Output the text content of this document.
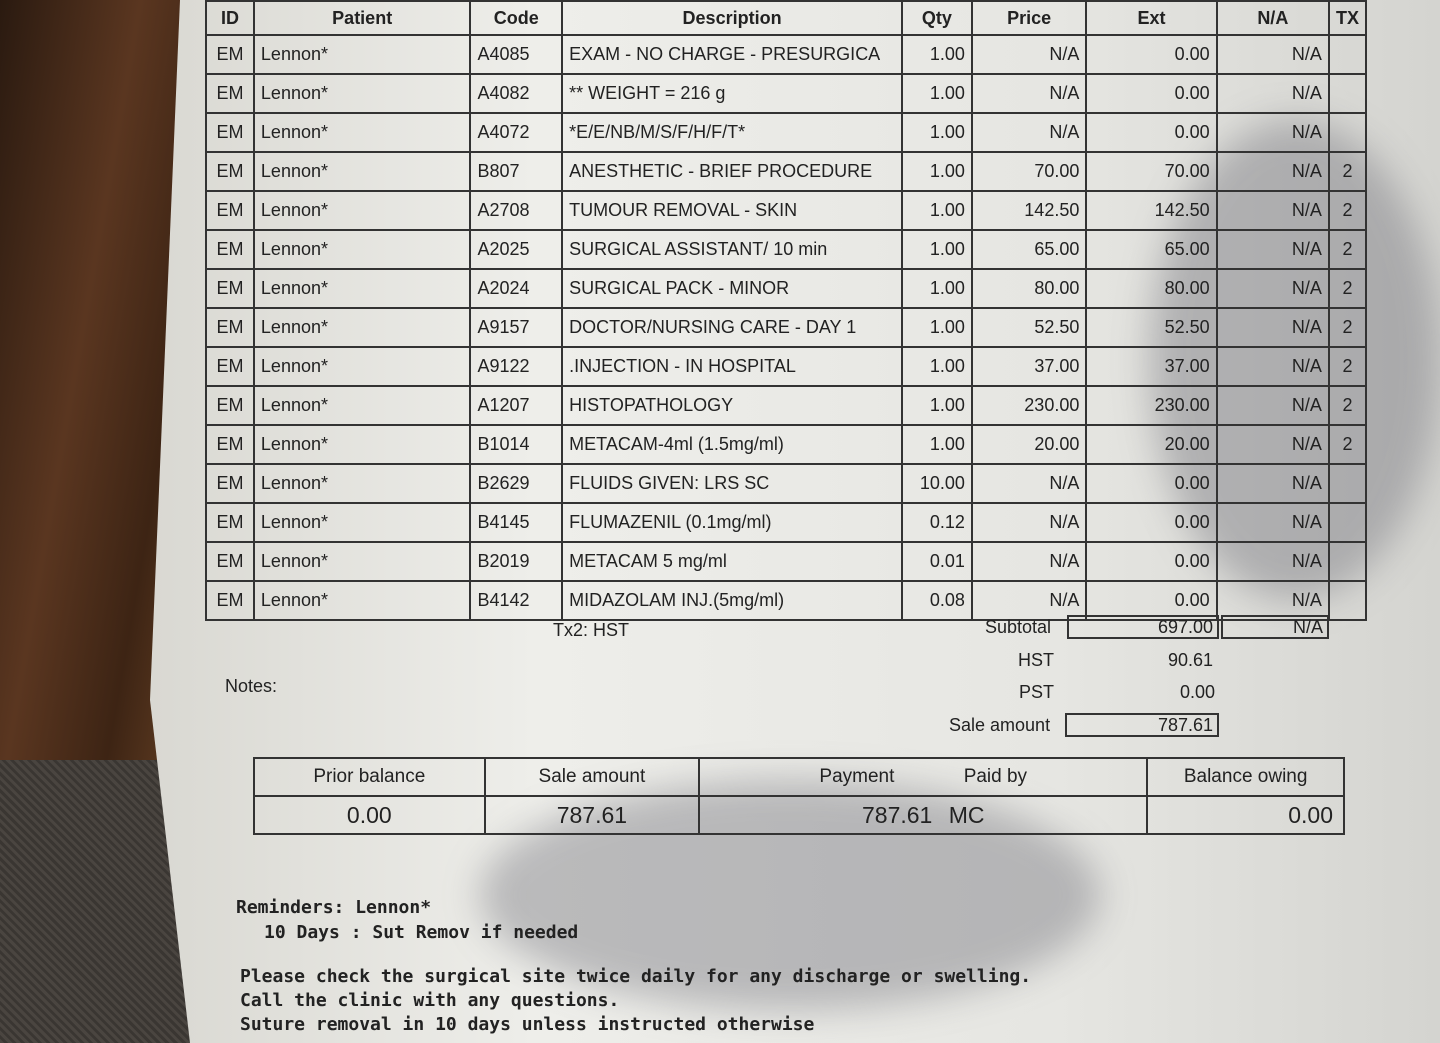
ID	Patient	Code	Description	Qty	Price	Ext	N/A	TX
EM	Lennon*	A4085	EXAM - NO CHARGE - PRESURGICA	1.00	N/A	0.00	N/A	
EM	Lennon*	A4082	** WEIGHT = 216 g	1.00	N/A	0.00	N/A	
EM	Lennon*	A4072	*E/E/NB/M/S/F/H/F/T*	1.00	N/A	0.00	N/A	
EM	Lennon*	B807	ANESTHETIC - BRIEF PROCEDURE	1.00	70.00	70.00	N/A	2
EM	Lennon*	A2708	TUMOUR REMOVAL - SKIN	1.00	142.50	142.50	N/A	2
EM	Lennon*	A2025	SURGICAL ASSISTANT/ 10 min	1.00	65.00	65.00	N/A	2
EM	Lennon*	A2024	SURGICAL PACK - MINOR	1.00	80.00	80.00	N/A	2
EM	Lennon*	A9157	DOCTOR/NURSING CARE - DAY 1	1.00	52.50	52.50	N/A	2
EM	Lennon*	A9122	.INJECTION - IN HOSPITAL	1.00	37.00	37.00	N/A	2
EM	Lennon*	A1207	HISTOPATHOLOGY	1.00	230.00	230.00	N/A	2
EM	Lennon*	B1014	METACAM-4ml (1.5mg/ml)	1.00	20.00	20.00	N/A	2
EM	Lennon*	B2629	FLUIDS GIVEN: LRS SC	10.00	N/A	0.00	N/A	
EM	Lennon*	B4145	FLUMAZENIL (0.1mg/ml)	0.12	N/A	0.00	N/A	
EM	Lennon*	B2019	METACAM 5 mg/ml	0.01	N/A	0.00	N/A	
EM	Lennon*	B4142	MIDAZOLAM INJ.(5mg/ml)	0.08	N/A	0.00	N/A	
Tx2: HST
Notes:
Subtotal	697.00	N/A
HST	90.61
PST	0.00
Sale amount	787.61
Prior balance	Sale amount	Payment Paid by	Balance owing
0.00	787.61	787.61 MC	0.00
Reminders: Lennon*
10 Days : Sut Remov if needed
Please check the surgical site twice daily for any discharge or swelling.
Call the clinic with any questions.
Suture removal in 10 days unless instructed otherwise
